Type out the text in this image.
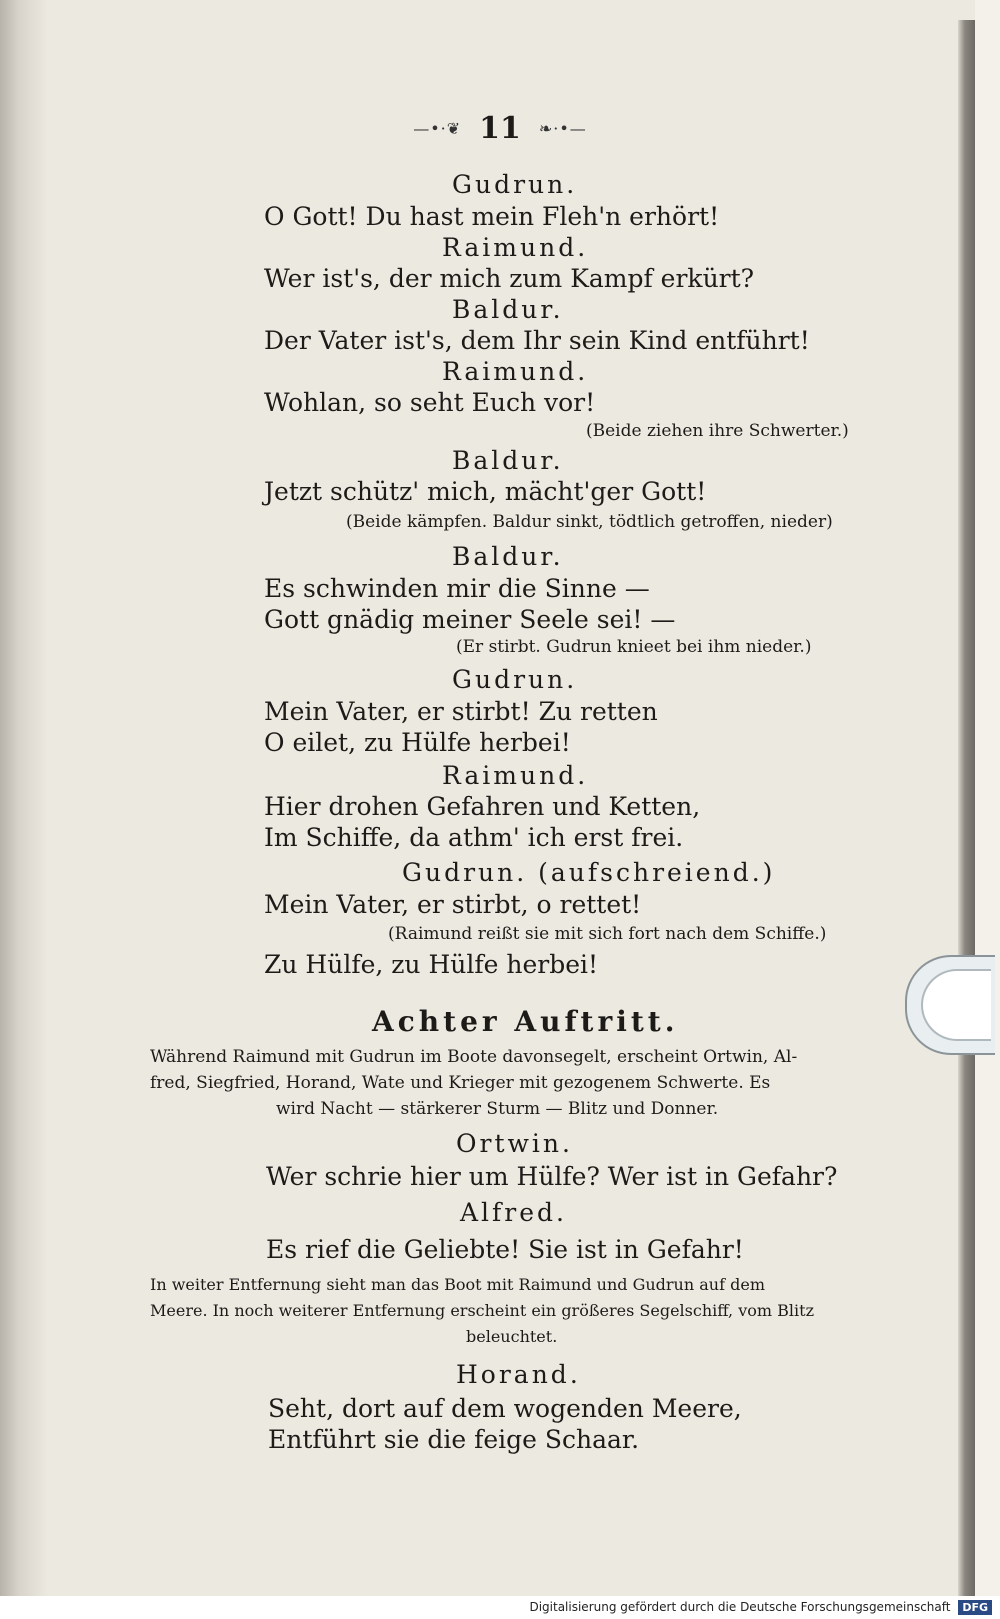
—•·❦ 11 ❧·•—
Gudrun.
O Gott! Du hast mein Fleh'n erhört!
Raimund.
Wer ist's, der mich zum Kampf erkürt?
Baldur.
Der Vater ist's, dem Ihr sein Kind entführt!
Raimund.
Wohlan, so seht Euch vor!
(Beide ziehen ihre Schwerter.)
Baldur.
Jetzt schütz' mich, mächt'ger Gott!
(Beide kämpfen. Baldur sinkt, tödtlich getroffen, nieder)
Baldur.
Es schwinden mir die Sinne —
Gott gnädig meiner Seele sei! —
(Er stirbt. Gudrun knieet bei ihm nieder.)
Gudrun.
Mein Vater, er stirbt! Zu retten
O eilet, zu Hülfe herbei!
Raimund.
Hier drohen Gefahren und Ketten,
Im Schiffe, da athm' ich erst frei.
Gudrun. (aufschreiend.)
Mein Vater, er stirbt, o rettet!
(Raimund reißt sie mit sich fort nach dem Schiffe.)
Zu Hülfe, zu Hülfe herbei!
Achter Auftritt.
Während Raimund mit Gudrun im Boote davonsegelt, erscheint Ortwin, Al-
fred, Siegfried, Horand, Wate und Krieger mit gezogenem Schwerte. Es
wird Nacht — stärkerer Sturm — Blitz und Donner.
Ortwin.
Wer schrie hier um Hülfe? Wer ist in Gefahr?
Alfred.
Es rief die Geliebte! Sie ist in Gefahr!
In weiter Entfernung sieht man das Boot mit Raimund und Gudrun auf dem
Meere. In noch weiterer Entfernung erscheint ein größeres Segelschiff, vom Blitz
beleuchtet.
Horand.
Seht, dort auf dem wogenden Meere,
Entführt sie die feige Schaar.
Digitalisierung gefördert durch die Deutsche Forschungsgemeinschaft DFG
